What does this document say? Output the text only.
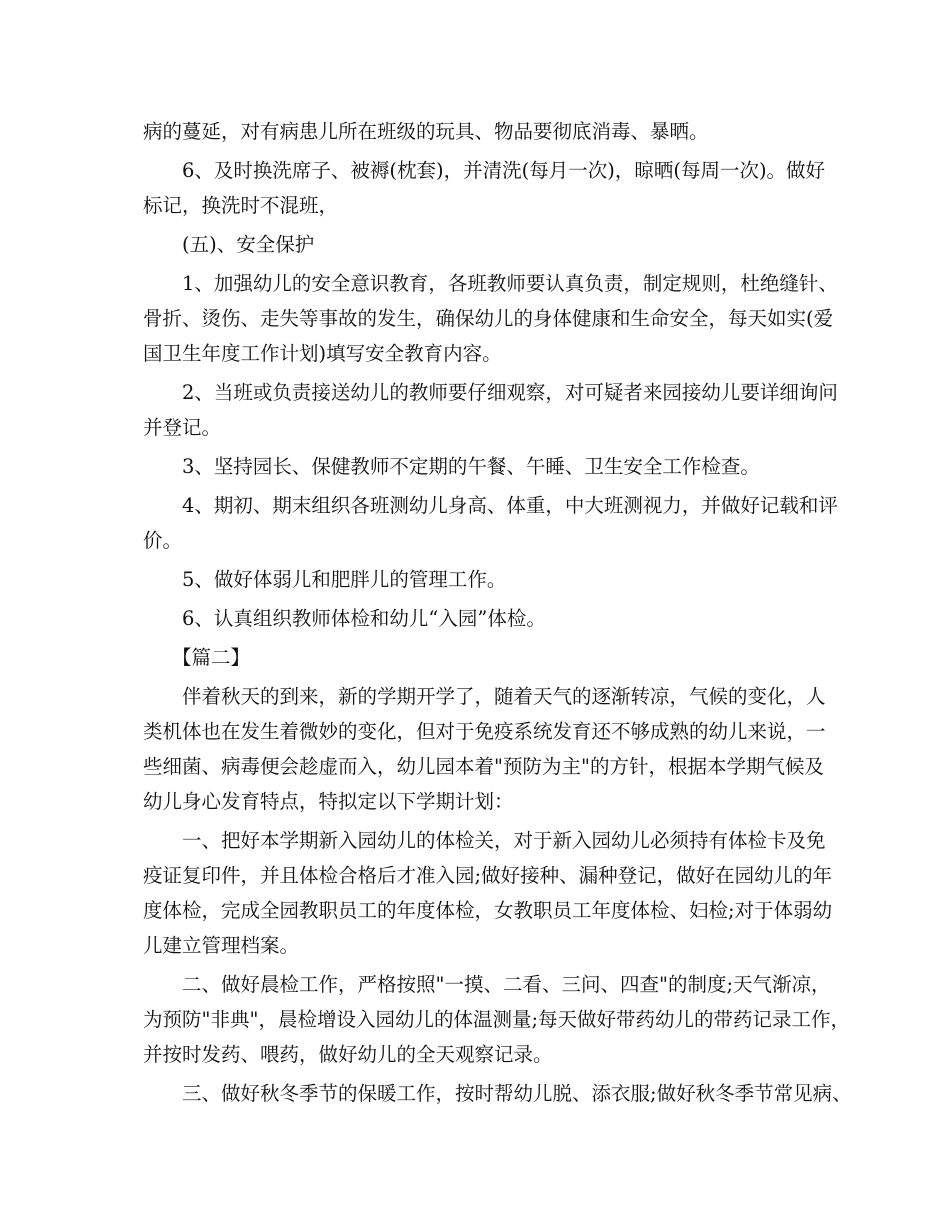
病的蔓延，对有病患儿所在班级的玩具、物品要彻底消毒、暴晒。
6、及时换洗席子、被褥(枕套)，并清洗(每月一次)，晾晒(每周一次)。做好
标记，换洗时不混班，
(五)、安全保护
1、加强幼儿的安全意识教育，各班教师要认真负责，制定规则，杜绝缝针、
骨折、烫伤、走失等事故的发生，确保幼儿的身体健康和生命安全，每天如实(爱
国卫生年度工作计划)填写安全教育内容。
2、当班或负责接送幼儿的教师要仔细观察，对可疑者来园接幼儿要详细询问
并登记。
3、坚持园长、保健教师不定期的午餐、午睡、卫生安全工作检查。
4、期初、期末组织各班测幼儿身高、体重，中大班测视力，并做好记载和评
价。
5、做好体弱儿和肥胖儿的管理工作。
6、认真组织教师体检和幼儿“入园”体检。
【篇二】
伴着秋天的到来，新的学期开学了，随着天气的逐渐转凉，气候的变化，人
类机体也在发生着微妙的变化，但对于免疫系统发育还不够成熟的幼儿来说，一
些细菌、病毒便会趁虚而入，幼儿园本着"预防为主"的方针，根据本学期气候及
幼儿身心发育特点，特拟定以下学期计划：
一、把好本学期新入园幼儿的体检关，对于新入园幼儿必须持有体检卡及免
疫证复印件，并且体检合格后才准入园;做好接种、漏种登记，做好在园幼儿的年
度体检，完成全园教职员工的年度体检，女教职员工年度体检、妇检;对于体弱幼
儿建立管理档案。
二、做好晨检工作，严格按照"一摸、二看、三问、四查"的制度;天气渐凉，
为预防"非典"，晨检增设入园幼儿的体温测量;每天做好带药幼儿的带药记录工作，
并按时发药、喂药，做好幼儿的全天观察记录。
三、做好秋冬季节的保暖工作，按时帮幼儿脱、添衣服;做好秋冬季节常见病、
